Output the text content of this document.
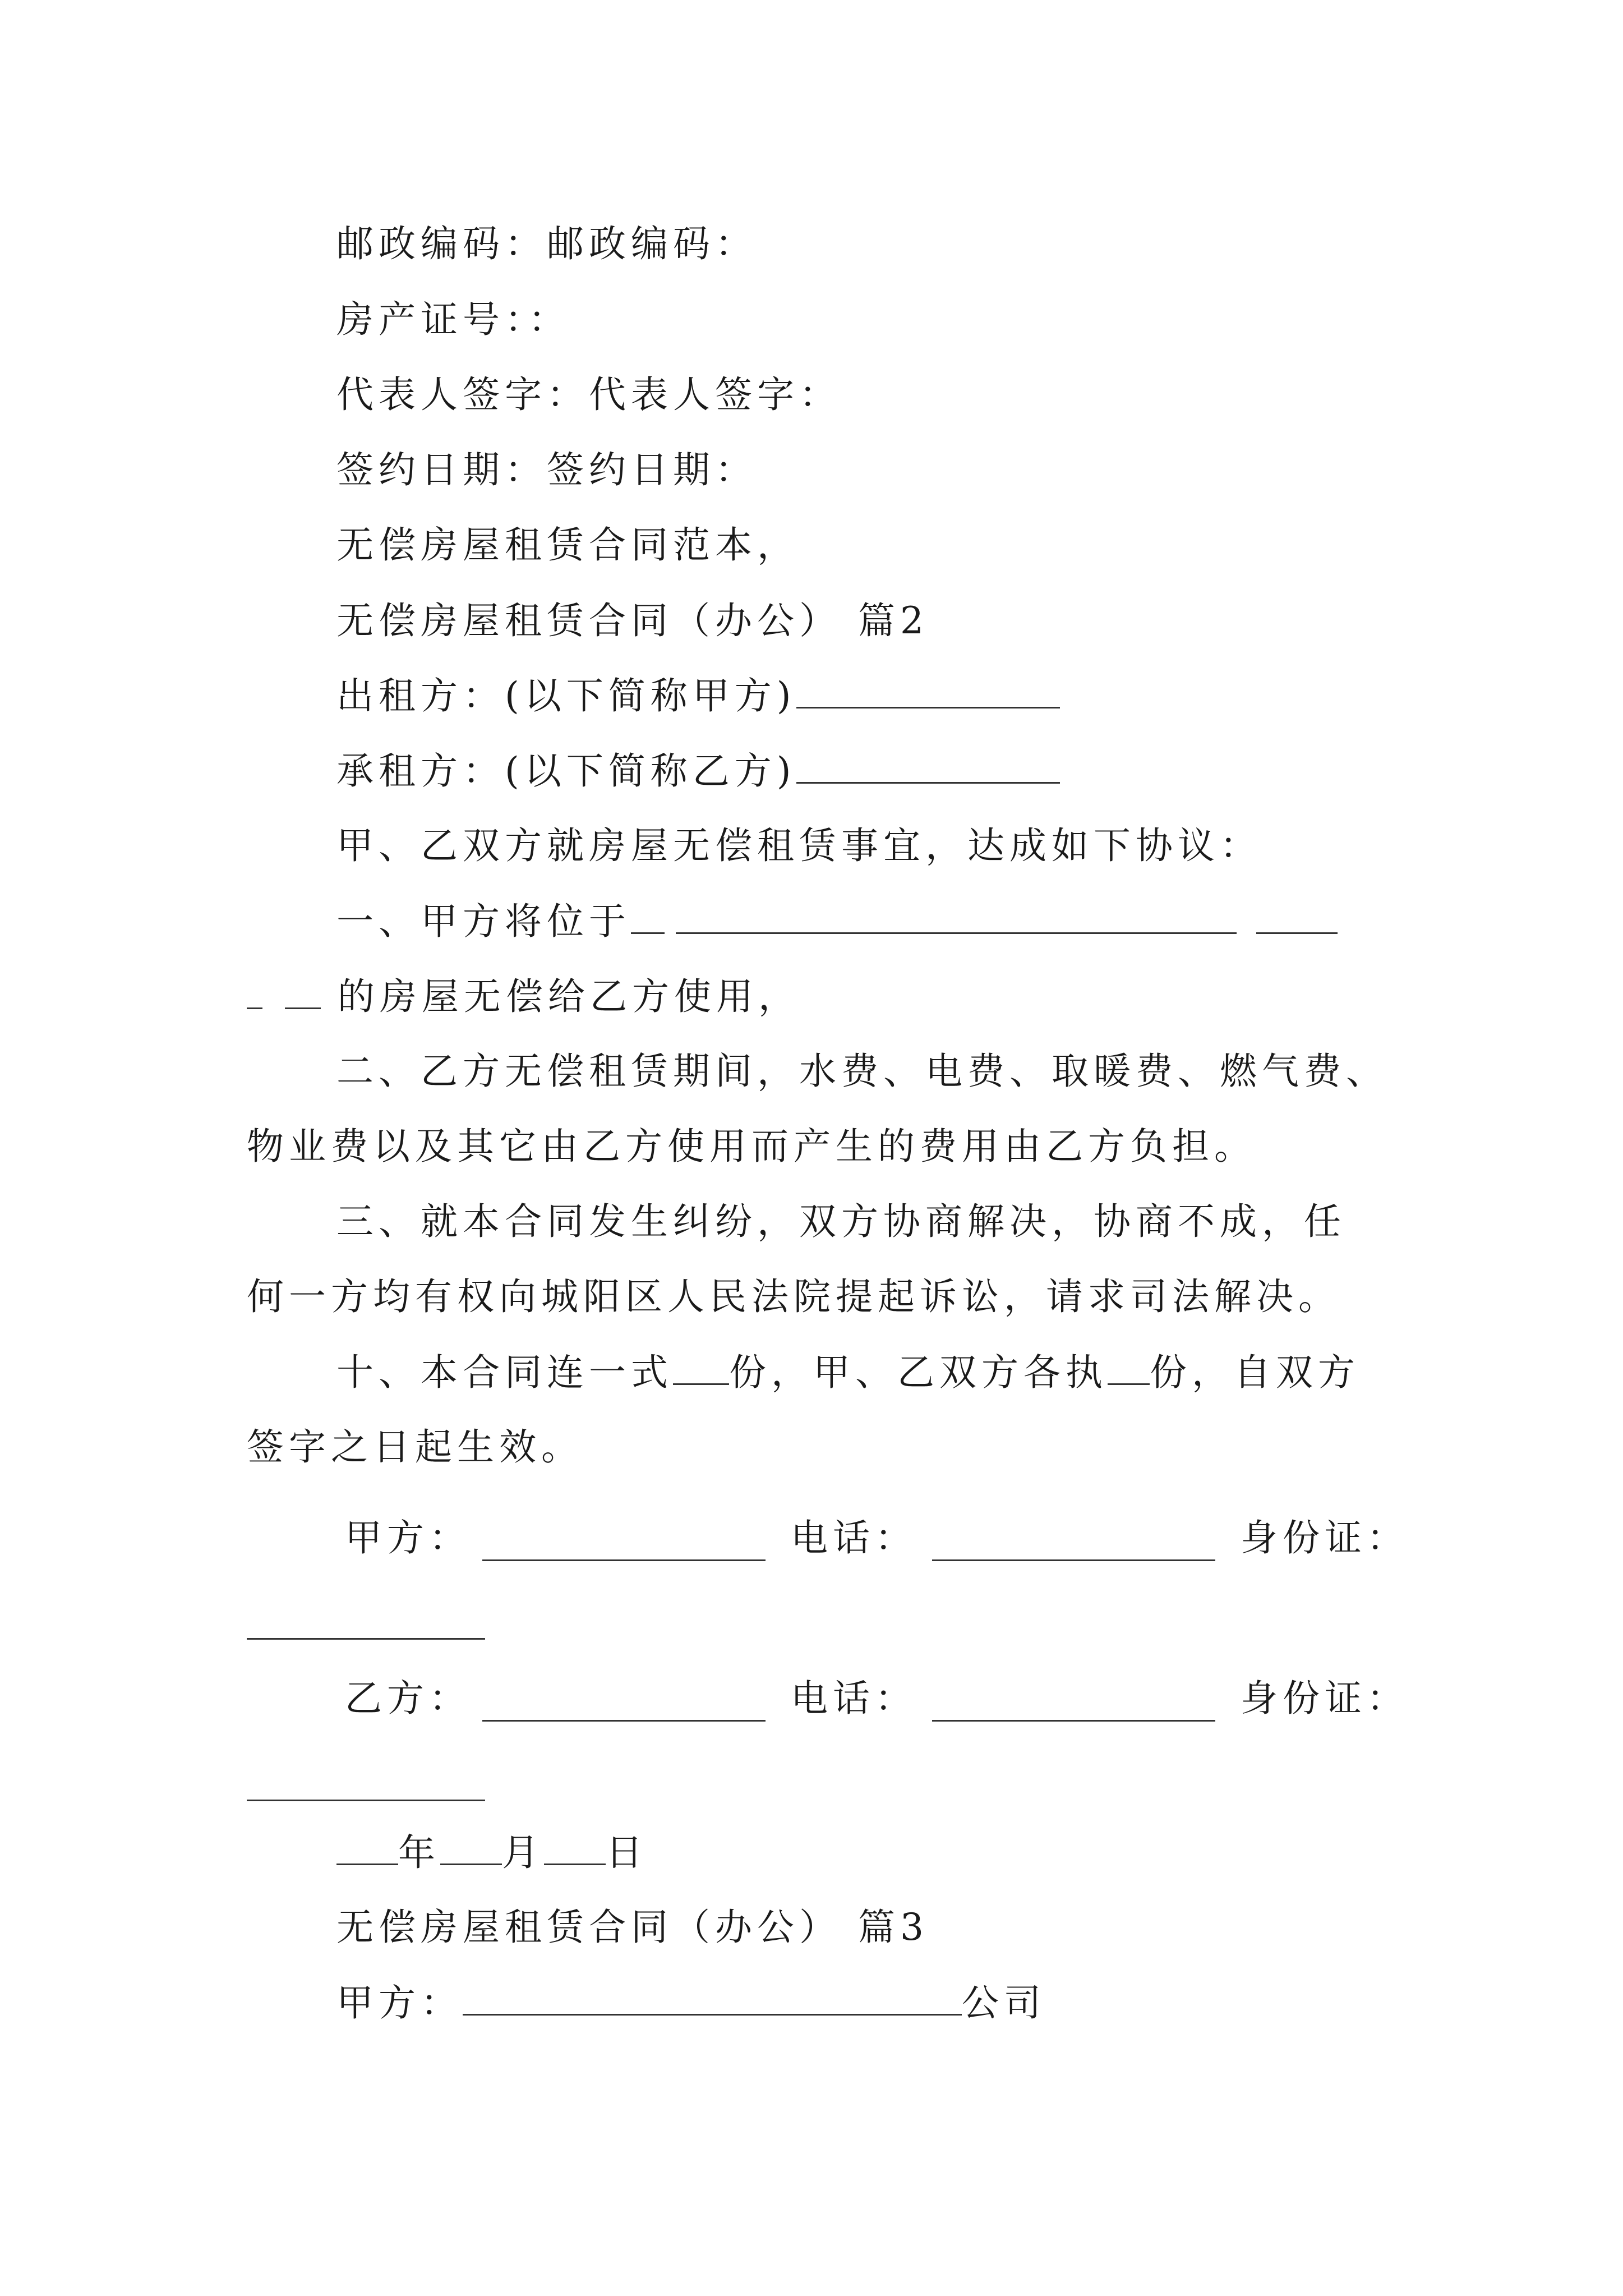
邮政编码：邮政编码：
房产证号：：
代表人签字：代表人签字：
签约日期：签约日期：
无偿房屋租赁合同范本，
无偿房屋租赁合同（办公） 篇2
出租方：(以下简称甲方)
承租方：(以下简称乙方)
甲、乙双方就房屋无偿租赁事宜，达成如下协议：
一、甲方将位于
的房屋无偿给乙方使用，
二、乙方无偿租赁期间，水费、电费、取暖费、燃气费、
物业费以及其它由乙方使用而产生的费用由乙方负担。
三、就本合同发生纠纷，双方协商解决，协商不成，任
何一方均有权向城阳区人民法院提起诉讼，请求司法解决。
十、本合同连一式 份，甲、乙双方各执 份，自双方
签字之日起生效。
甲方：	电话：	身份证：
乙方：	电话：	身份证：
年 月 日
无偿房屋租赁合同（办公） 篇3
甲方：	公司
